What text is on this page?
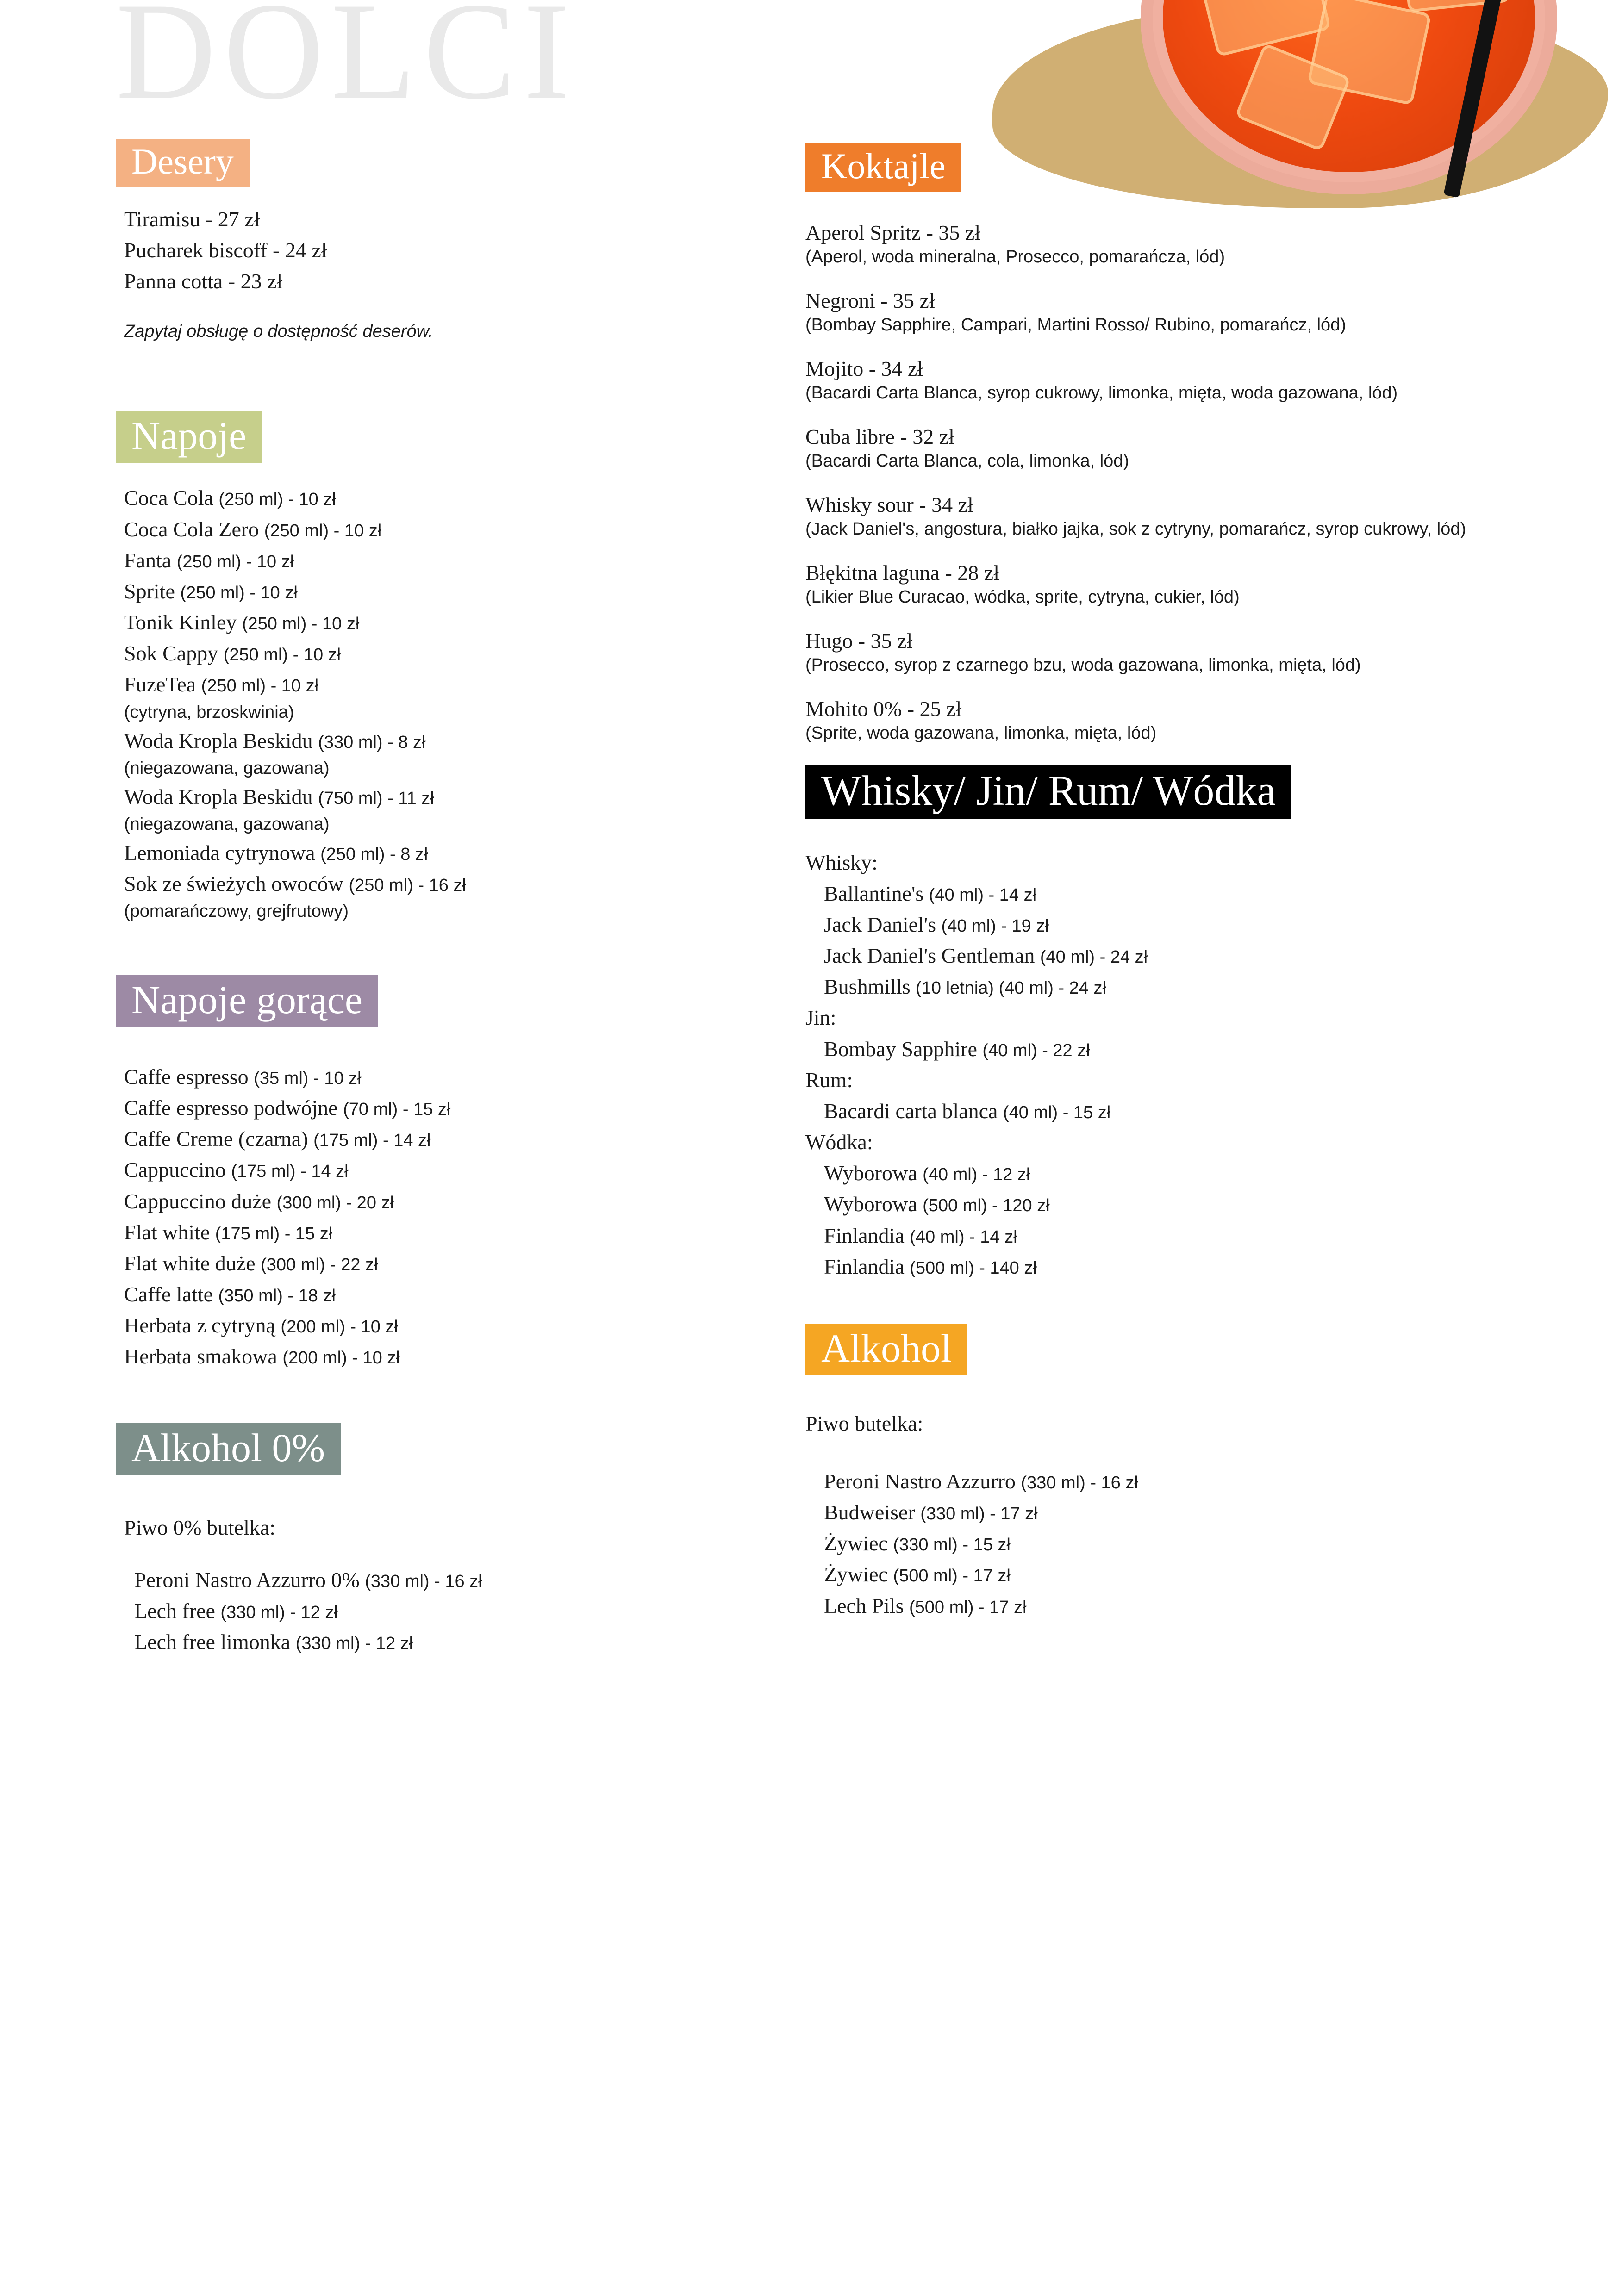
DOLCI
Desery
Tiramisu - 27 zł
Pucharek biscoff - 24 zł
Panna cotta - 23 zł
Zapytaj obsługę o dostępność deserów.
Napoje
Coca Cola (250 ml) - 10 zł
Coca Cola Zero (250 ml) - 10 zł
Fanta (250 ml) - 10 zł
Sprite (250 ml) - 10 zł
Tonik Kinley (250 ml) - 10 zł
Sok Cappy (250 ml) - 10 zł
FuzeTea (250 ml) - 10 zł
(cytryna, brzoskwinia)
Woda Kropla Beskidu (330 ml) - 8 zł
(niegazowana, gazowana)
Woda Kropla Beskidu (750 ml) - 11 zł
(niegazowana, gazowana)
Lemoniada cytrynowa (250 ml) - 8 zł
Sok ze świeżych owoców (250 ml) - 16 zł
(pomarańczowy, grejfrutowy)
Napoje gorące
Caffe espresso (35 ml) - 10 zł
Caffe espresso podwójne (70 ml) - 15 zł
Caffe Creme (czarna) (175 ml) - 14 zł
Cappuccino (175 ml) - 14 zł
Cappuccino duże (300 ml) - 20 zł
Flat white (175 ml) - 15 zł
Flat white duże (300 ml) - 22 zł
Caffe latte (350 ml) - 18 zł
Herbata z cytryną (200 ml) - 10 zł
Herbata smakowa (200 ml) - 10 zł
Alkohol 0%
Piwo 0% butelka:
Peroni Nastro Azzurro 0% (330 ml) - 16 zł
Lech free (330 ml) - 12 zł
Lech free limonka (330 ml) - 12 zł
Koktajle
Aperol Spritz - 35 zł
(Aperol, woda mineralna, Prosecco, pomarańcza, lód)
Negroni - 35 zł
(Bombay Sapphire, Campari, Martini Rosso/ Rubino, pomarańcz, lód)
Mojito - 34 zł
(Bacardi Carta Blanca, syrop cukrowy, limonka, mięta, woda gazowana, lód)
Cuba libre - 32 zł
(Bacardi Carta Blanca, cola, limonka, lód)
Whisky sour - 34 zł
(Jack Daniel's, angostura, białko jajka, sok z cytryny, pomarańcz, syrop cukrowy, lód)
Błękitna laguna - 28 zł
(Likier Blue Curacao, wódka, sprite, cytryna, cukier, lód)
Hugo - 35 zł
(Prosecco, syrop z czarnego bzu, woda gazowana, limonka, mięta, lód)
Mohito 0% - 25 zł
(Sprite, woda gazowana, limonka, mięta, lód)
Whisky/ Jin/ Rum/ Wódka
Whisky:
Ballantine's (40 ml) - 14 zł
Jack Daniel's (40 ml) - 19 zł
Jack Daniel's Gentleman (40 ml) - 24 zł
Bushmills (10 letnia) (40 ml) - 24 zł
Jin:
Bombay Sapphire (40 ml) - 22 zł
Rum:
Bacardi carta blanca (40 ml) - 15 zł
Wódka:
Wyborowa (40 ml) - 12 zł
Wyborowa (500 ml) - 120 zł
Finlandia (40 ml) - 14 zł
Finlandia (500 ml) - 140 zł
Alkohol
Piwo butelka:
Peroni Nastro Azzurro (330 ml) - 16 zł
Budweiser (330 ml) - 17 zł
Żywiec (330 ml) - 15 zł
Żywiec (500 ml) - 17 zł
Lech Pils (500 ml) - 17 zł
